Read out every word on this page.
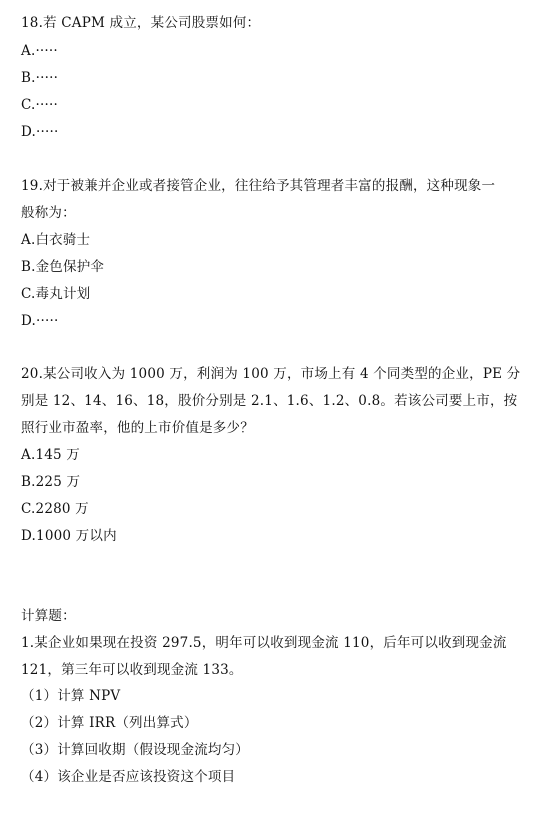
18.若 CAPM 成立，某公司股票如何：
A.·····
B.·····
C.·····
D.·····
19.对于被兼并企业或者接管企业，往往给予其管理者丰富的报酬，这种现象一
般称为：
A.白衣骑士
B.金色保护伞
C.毒丸计划
D.·····
20.某公司收入为 1000 万，利润为 100 万，市场上有 4 个同类型的企业，PE 分
别是 12、14、16、18，股价分别是 2.1、1.6、1.2、0.8。若该公司要上市，按
照行业市盈率，他的上市价值是多少？
A.145 万
B.225 万
C.2280 万
D.1000 万以内
计算题：
1.某企业如果现在投资 297.5，明年可以收到现金流 110，后年可以收到现金流
121，第三年可以收到现金流 133。
（1）计算 NPV
（2）计算 IRR（列出算式）
（3）计算回收期（假设现金流均匀）
（4）该企业是否应该投资这个项目
